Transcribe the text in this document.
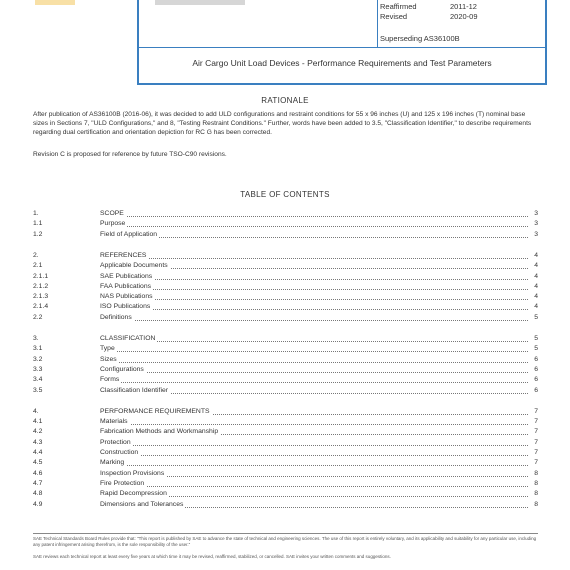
Reaffirmed	2011-12
Revised	2020-09
Superseding AS36100B
Air Cargo Unit Load Devices - Performance Requirements and Test Parameters
RATIONALE
After publication of AS36100B (2016-06), it was decided to add ULD configurations and restraint conditions for 55 x 96 inches (U) and 125 x 196 inches (T) nominal base sizes in Sections 7, "ULD Configurations," and 8, "Testing Restraint Conditions." Further, words have been added to 3.5, "Classification Identifier," to describe requirements regarding dual certification and orientation depiction for RC G has been corrected.
Revision C is proposed for reference by future TSO-C90 revisions.
TABLE OF CONTENTS
1.	SCOPE	3
1.1	Purpose	3
1.2	Field of Application	3
2.	REFERENCES	4
2.1	Applicable Documents	4
2.1.1	SAE Publications	4
2.1.2	FAA Publications	4
2.1.3	NAS Publications	4
2.1.4	ISO Publications	4
2.2	Definitions	5
3.	CLASSIFICATION	5
3.1	Type	5
3.2	Sizes	6
3.3	Configurations	6
3.4	Forms	6
3.5	Classification Identifier	6
4.	PERFORMANCE REQUIREMENTS	7
4.1	Materials	7
4.2	Fabrication Methods and Workmanship	7
4.3	Protection	7
4.4	Construction	7
4.5	Marking	7
4.6	Inspection Provisions	8
4.7	Fire Protection	8
4.8	Rapid Decompression	8
4.9	Dimensions and Tolerances	8
SAE Technical Standards Board Rules provide that: "This report is published by SAE to advance the state of technical and engineering sciences. The use of this report is entirely voluntary, and its applicability and suitability for any particular use, including any patent infringement arising therefrom, is the sole responsibility of the user."
SAE reviews each technical report at least every five years at which time it may be revised, reaffirmed, stabilized, or cancelled. SAE invites your written comments and suggestions.
